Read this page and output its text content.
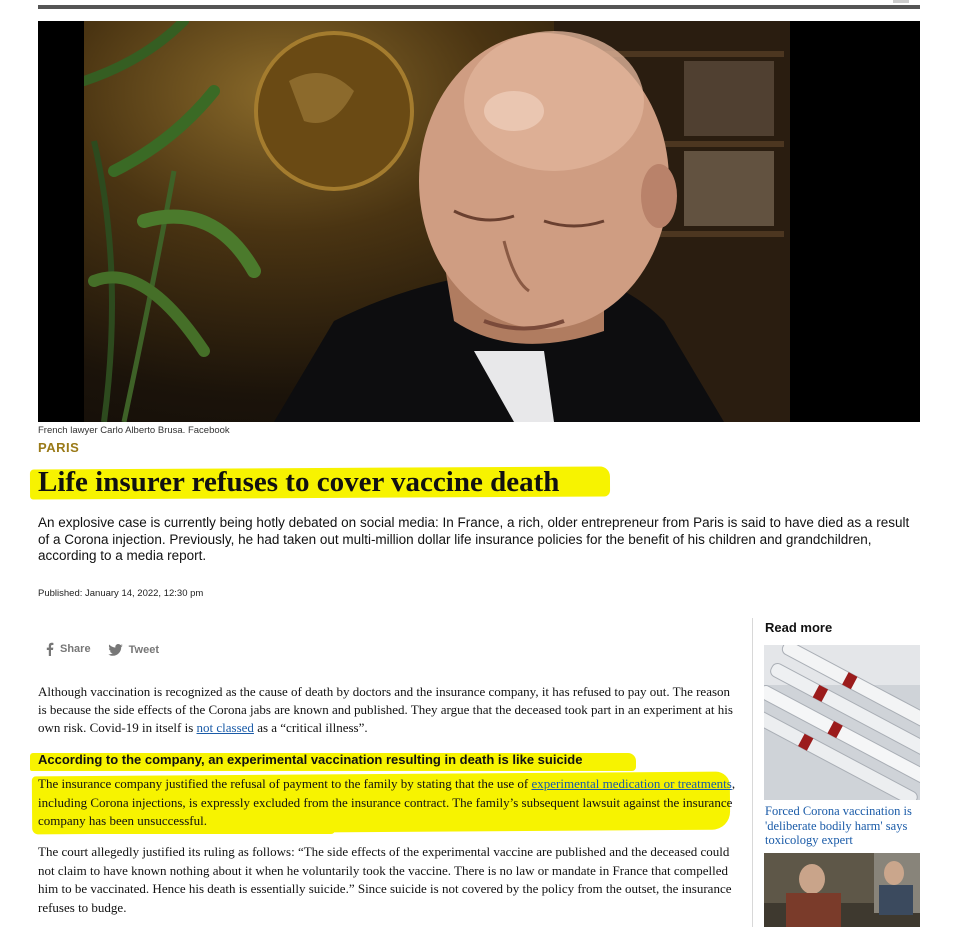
French lawyer Carlo Alberto Brusa. Facebook
PARIS
Life insurer refuses to cover vaccine death

An explosive case is currently being hotly debated on social media: In France, a rich, older entrepreneur from Paris is said to have died as a result of a Corona injection. Previously, he had taken out multi-million dollar life insurance policies for the benefit of his children and grandchildren, according to a media report.

Published: January 14, 2022, 12:30 pm
Share
	Tweet

Although vaccination is recognized as the cause of death by doctors and the insurance company, it has refused to pay out. The reason is because the side effects of the Corona jabs are known and published. They argue that the deceased took part in an experiment at his own risk. Covid-19 in itself is not classed as a “critical illness”.

According to the company, an experimental vaccination resulting in death is like suicide

The insurance company justified the refusal of payment to the family by stating that the use of experimental medication or treatments, including Corona injections, is expressly excluded from the insurance contract. The family’s subsequent lawsuit against the insurance company has been unsuccessful.

The court allegedly justified its ruling as follows: “The side effects of the experimental vaccine are published and the deceased could not claim to have known nothing about it when he voluntarily took the vaccine. There is no law or mandate in France that compelled him to be vaccinated. Hence his death is essentially suicide.” Since suicide is not covered by the policy from the outset, the insurance refuses to budge.

Read more
Forced Corona vaccination is 'deliberate bodily harm' says toxicology expert
